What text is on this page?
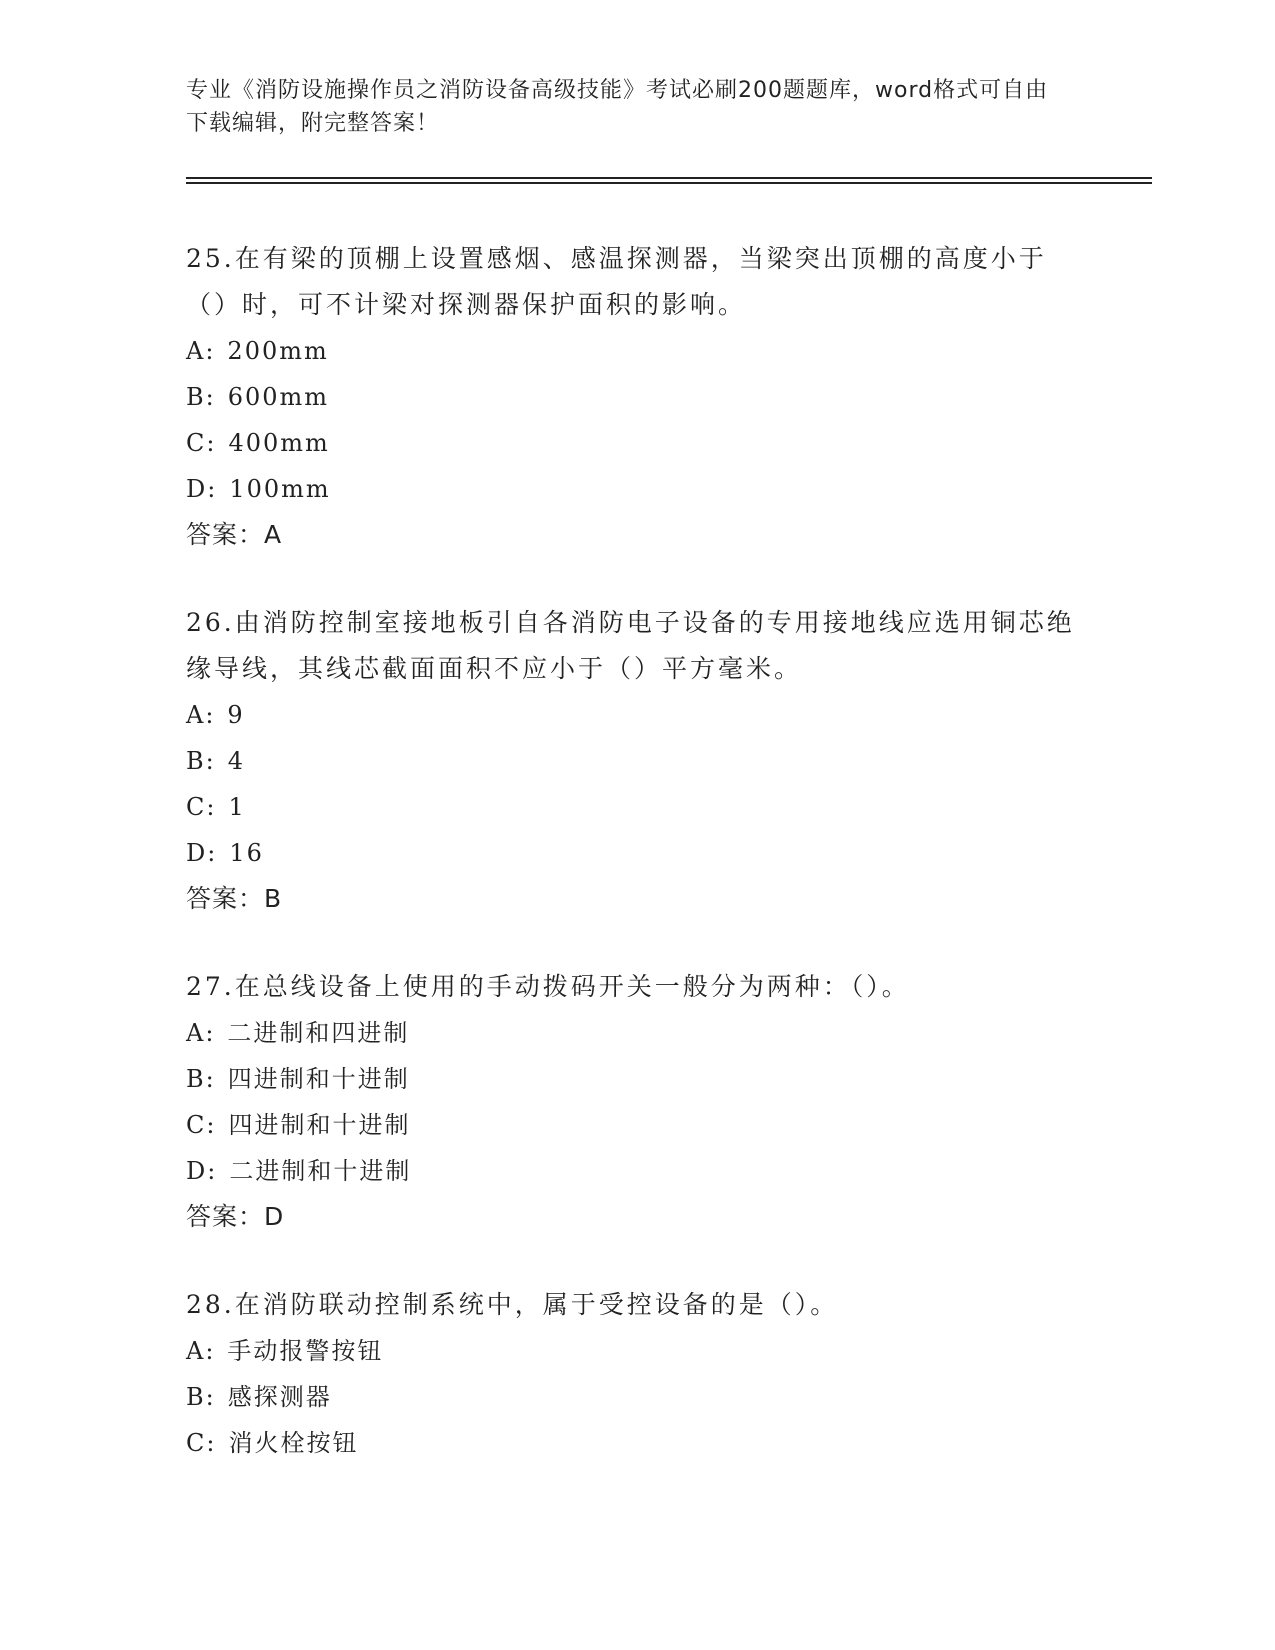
专业《消防设施操作员之消防设备高级技能》考试必刷200题题库，word格式可自由下载编辑，附完整答案！

25.在有梁的顶棚上设置感烟、感温探测器，当梁突出顶棚的高度小于（）时，可不计梁对探测器保护面积的影响。

A: 200mm

B: 600mm

C: 400mm

D: 100mm

答案：A

26.由消防控制室接地板引自各消防电子设备的专用接地线应选用铜芯绝缘导线，其线芯截面面积不应小于（）平方毫米。

A: 9

B: 4

C: 1

D: 16

答案：B

27.在总线设备上使用的手动拨码开关一般分为两种：（）。

A: 二进制和四进制

B: 四进制和十进制

C: 四进制和十进制

D: 二进制和十进制

答案：D

28.在消防联动控制系统中，属于受控设备的是（）。

A: 手动报警按钮

B: 感探测器

C: 消火栓按钮
